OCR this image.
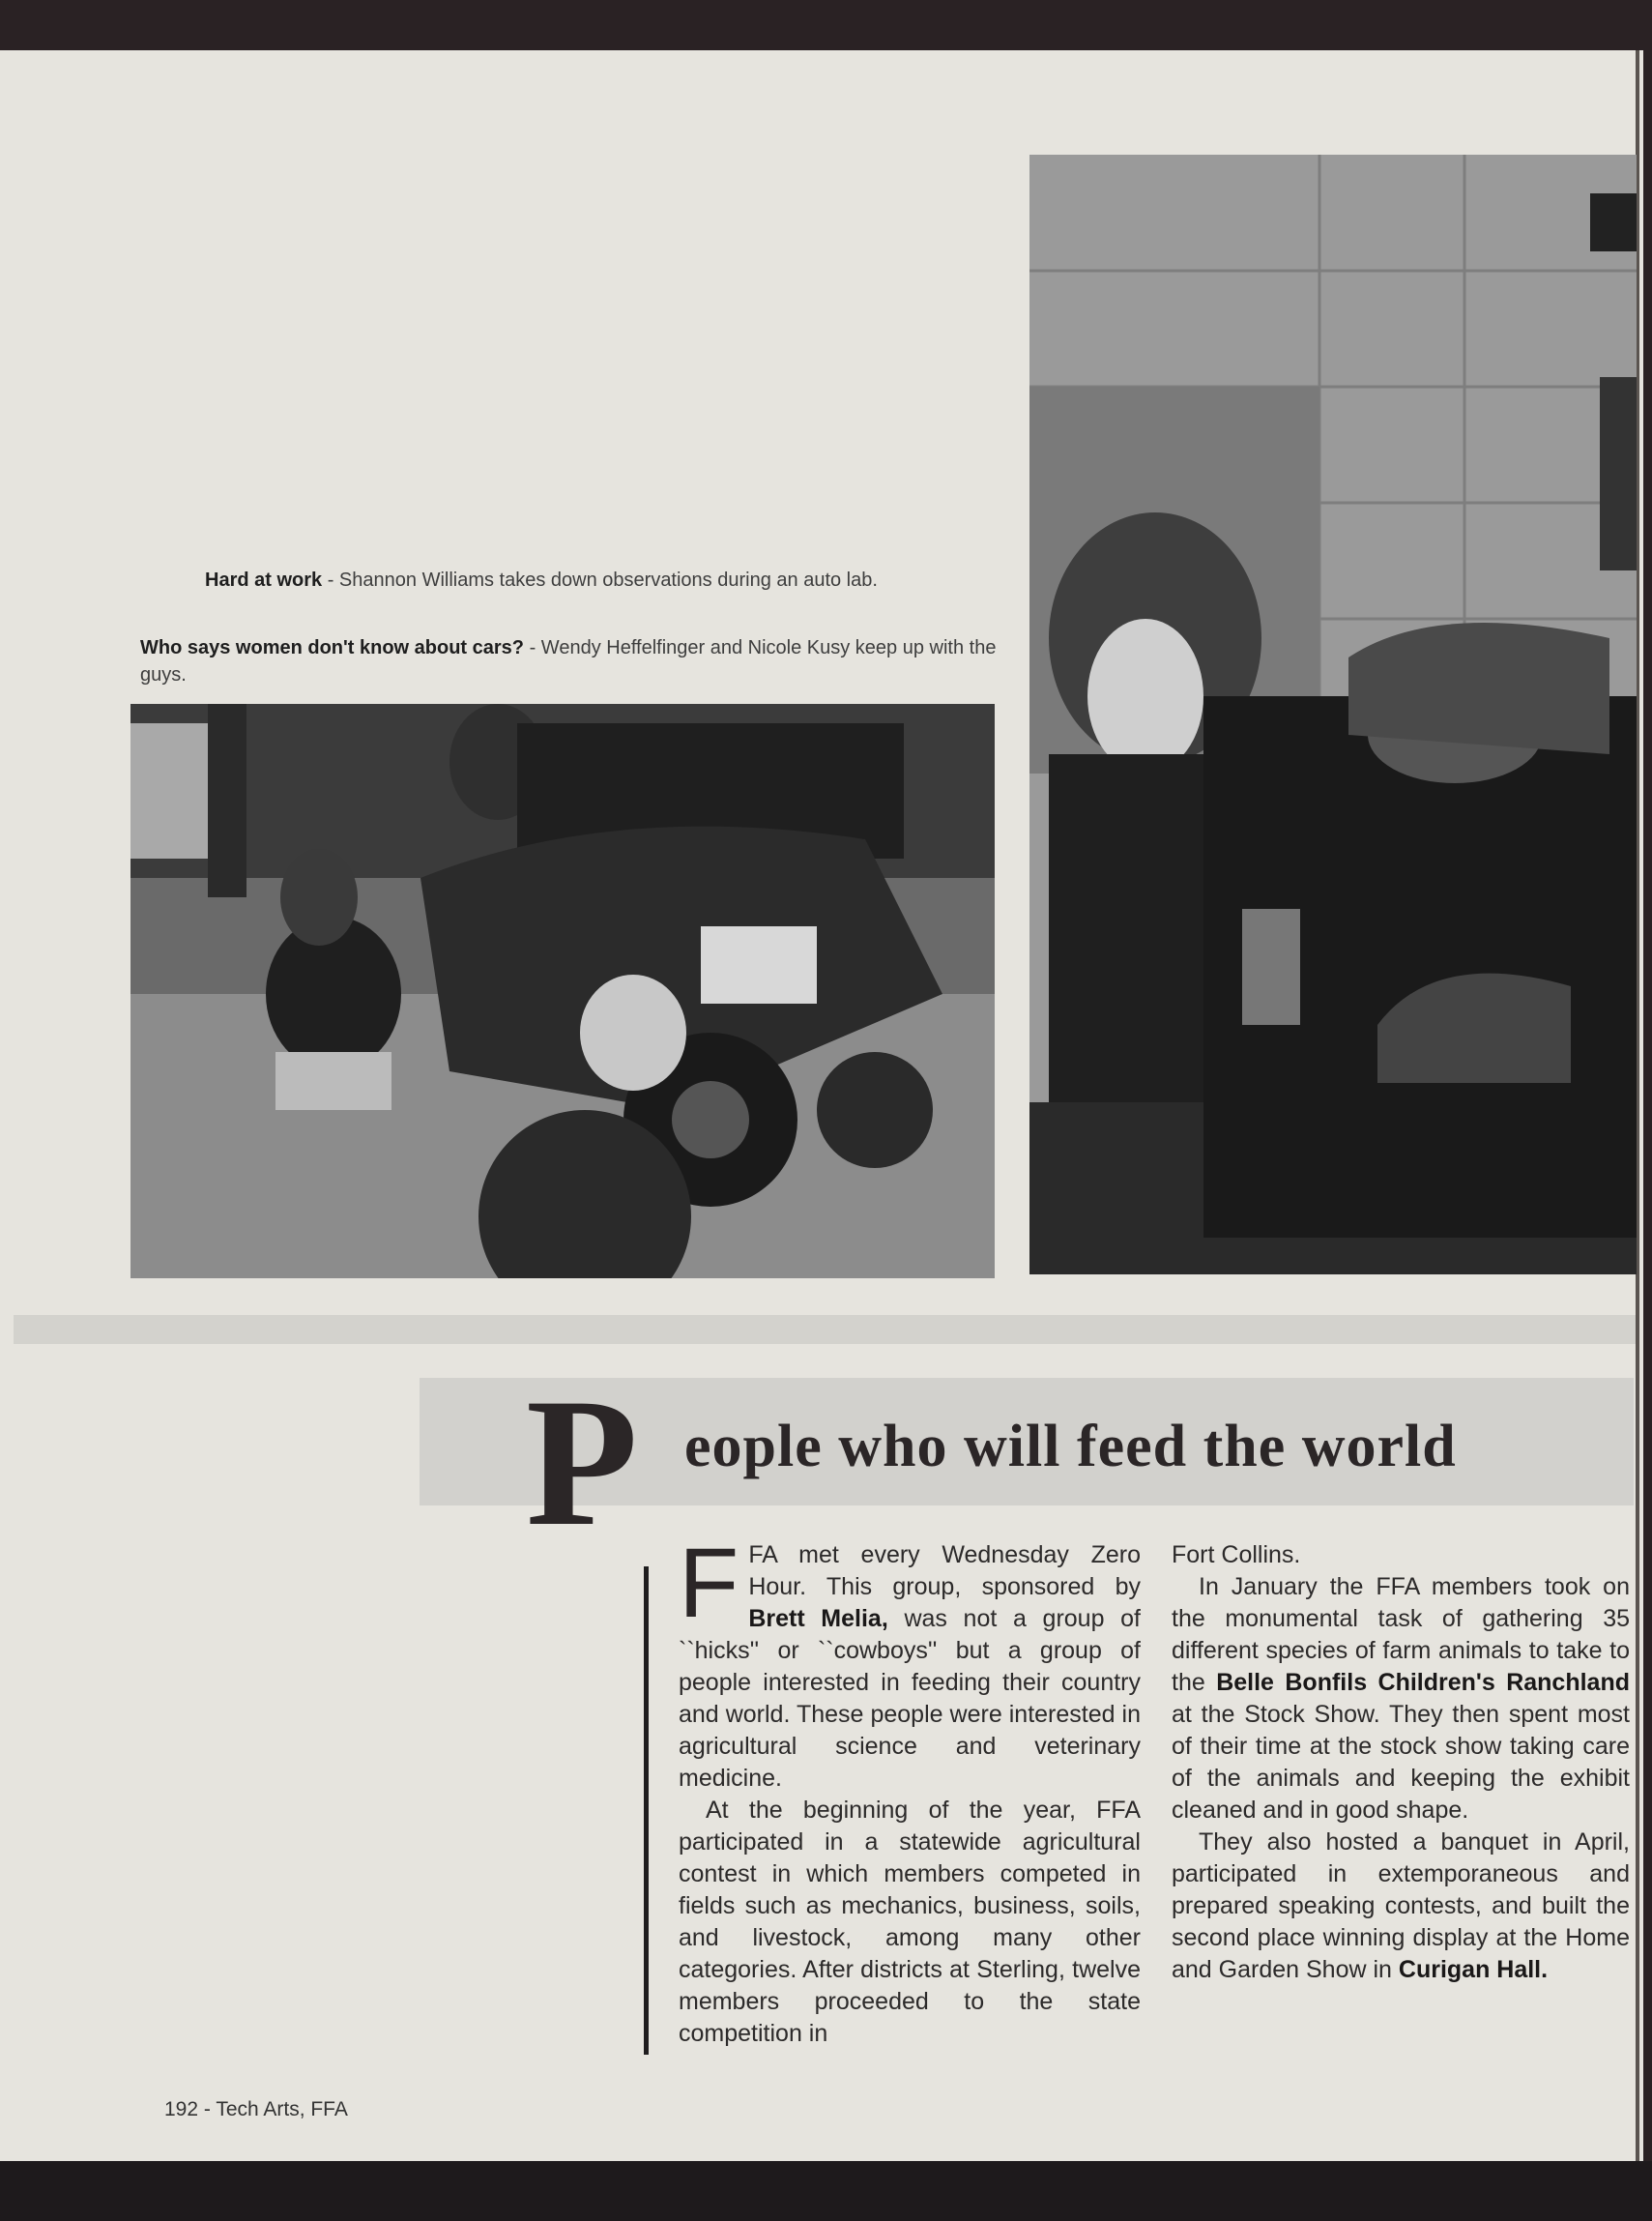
Hard at work - Shannon Williams takes down observations during an auto lab.
Who says women don't know about cars? - Wendy Heffelfinger and Nicole Kusy keep up with the guys.
P eople who will feed the world

FFA met every Wednesday Zero Hour. This group, sponsored by Brett Melia, was not a group of ``hicks'' or ``cowboys'' but a group of people interested in feeding their country and world. These people were interested in agricultural science and veterinary medicine.

At the beginning of the year, FFA participated in a statewide agricultural contest in which members competed in fields such as mechanics, business, soils, and livestock, among many other categories. After districts at Sterling, twelve members proceeded to the state competition in

Fort Collins.

In January the FFA members took on the monumental task of gathering 35 different species of farm animals to take to the Belle Bonfils Children's Ranchland at the Stock Show. They then spent most of their time at the stock show taking care of the animals and keeping the exhibit cleaned and in good shape.

They also hosted a banquet in April, participated in extemporaneous and prepared speaking contests, and built the second place winning display at the Home and Garden Show in Curigan Hall.

192 - Tech Arts, FFA
